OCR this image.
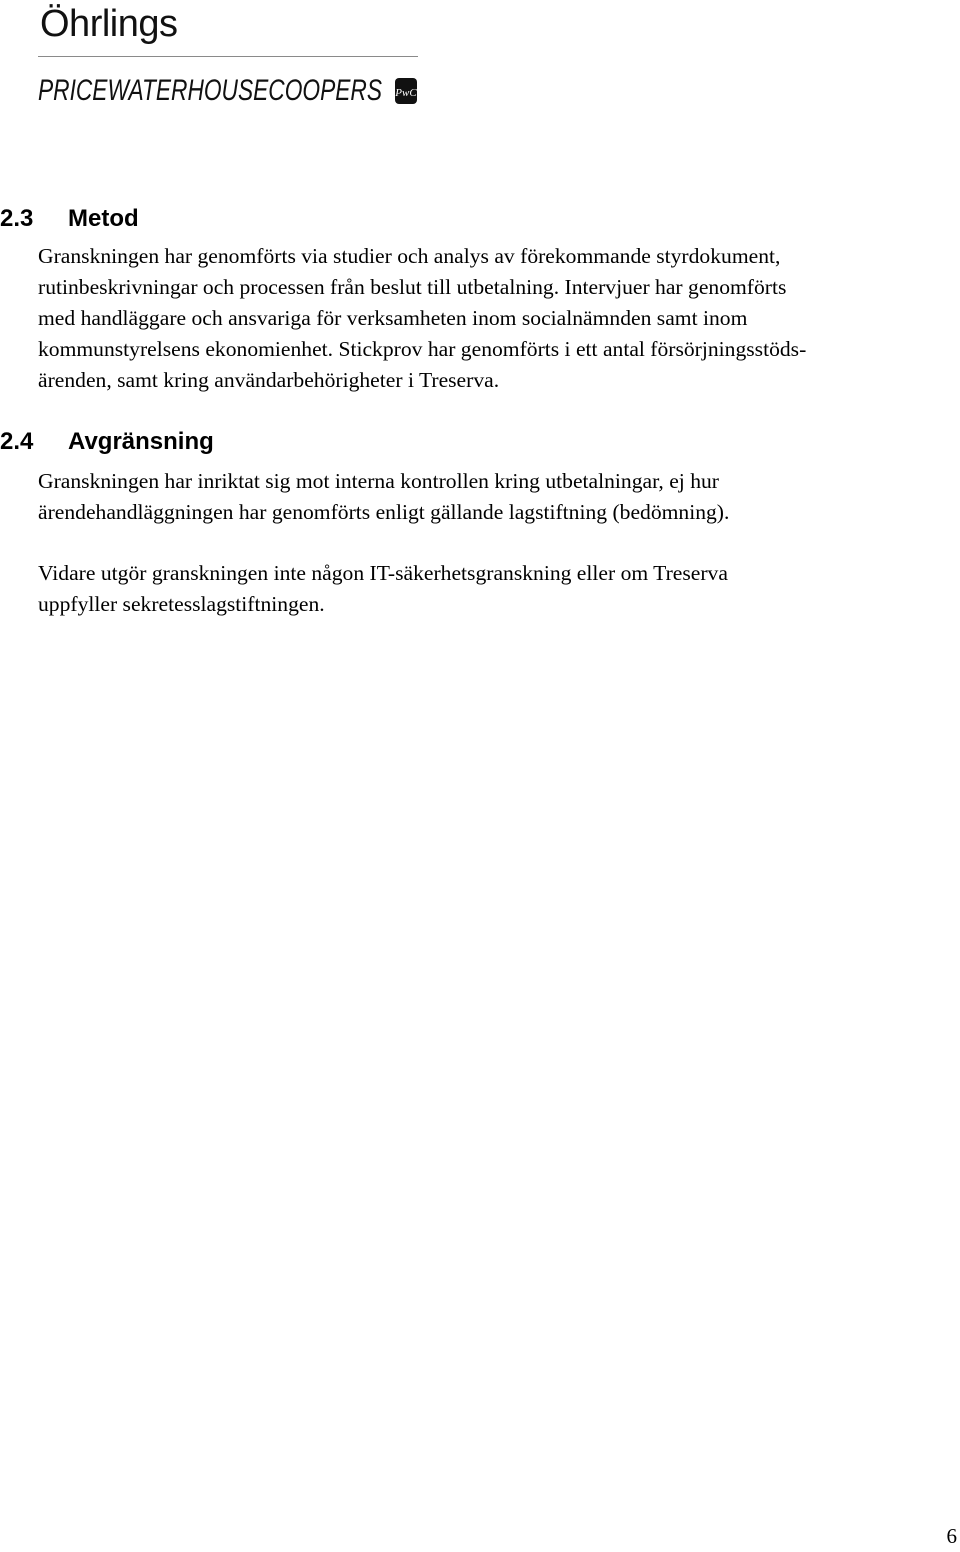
Öhrlings
PRICEWATERHOUSECOOPERS PwC
2.3 Metod

Granskningen har genomförts via studier och analys av förekommande styrdokument,
rutinbeskrivningar och processen från beslut till utbetalning. Intervjuer har genomförts
med handläggare och ansvariga för verksamheten inom socialnämnden samt inom
kommunstyrelsens ekonomienhet. Stickprov har genomförts i ett antal försörjningsstöds-
ärenden, samt kring användarbehörigheter i Treserva.

2.4 Avgränsning

Granskningen har inriktat sig mot interna kontrollen kring utbetalningar, ej hur
ärendehandläggningen har genomförts enligt gällande lagstiftning (bedömning).

Vidare utgör granskningen inte någon IT-säkerhetsgranskning eller om Treserva
uppfyller sekretesslagstiftningen.

6
